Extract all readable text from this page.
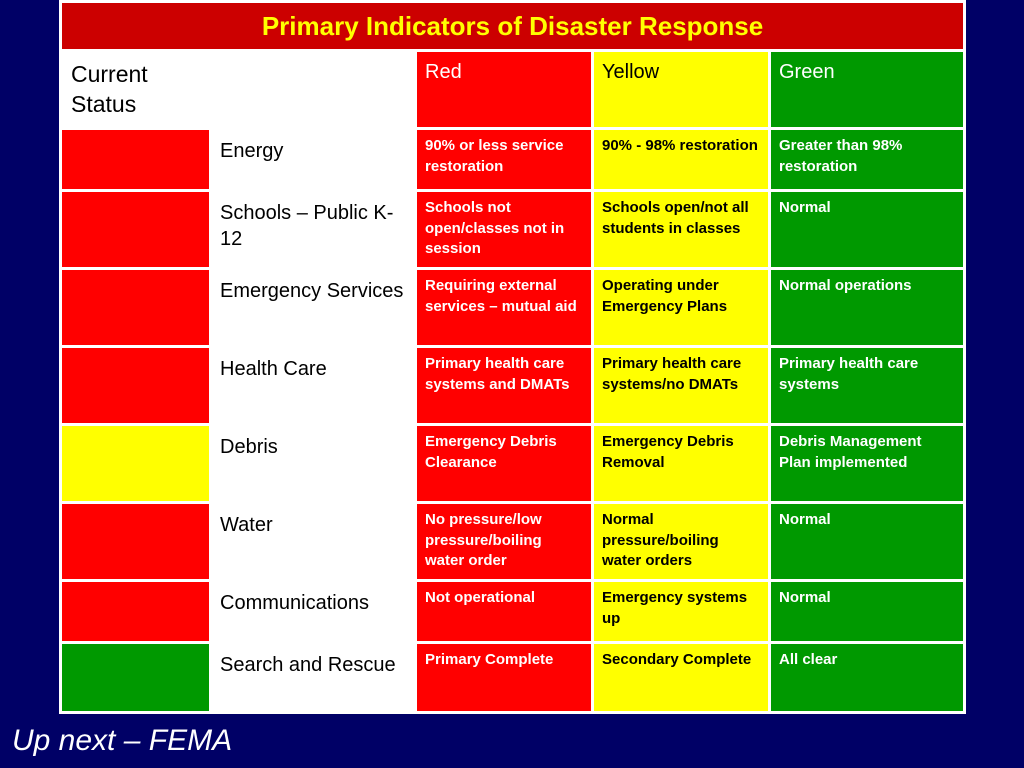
Primary Indicators of Disaster Response				
Current Status		Red	Yellow	Green
	Energy	90% or less service restoration	90% - 98% restoration	Greater than 98% restoration
	Schools – Public K-12	Schools not open/classes not in session	Schools open/not all students in classes	Normal
	Emergency Services	Requiring external services – mutual aid	Operating under Emergency Plans	Normal operations
	Health Care	Primary health care systems and DMATs	Primary health care systems/no DMATs	Primary health care systems
	Debris	Emergency Debris Clearance	Emergency Debris Removal	Debris Management Plan implemented
	Water	No pressure/low pressure/boiling water order	Normal pressure/boiling water orders	Normal
	Communications	Not operational	Emergency systems up	Normal
	Search and Rescue	Primary Complete	Secondary Complete	All clear
Up next – FEMA
